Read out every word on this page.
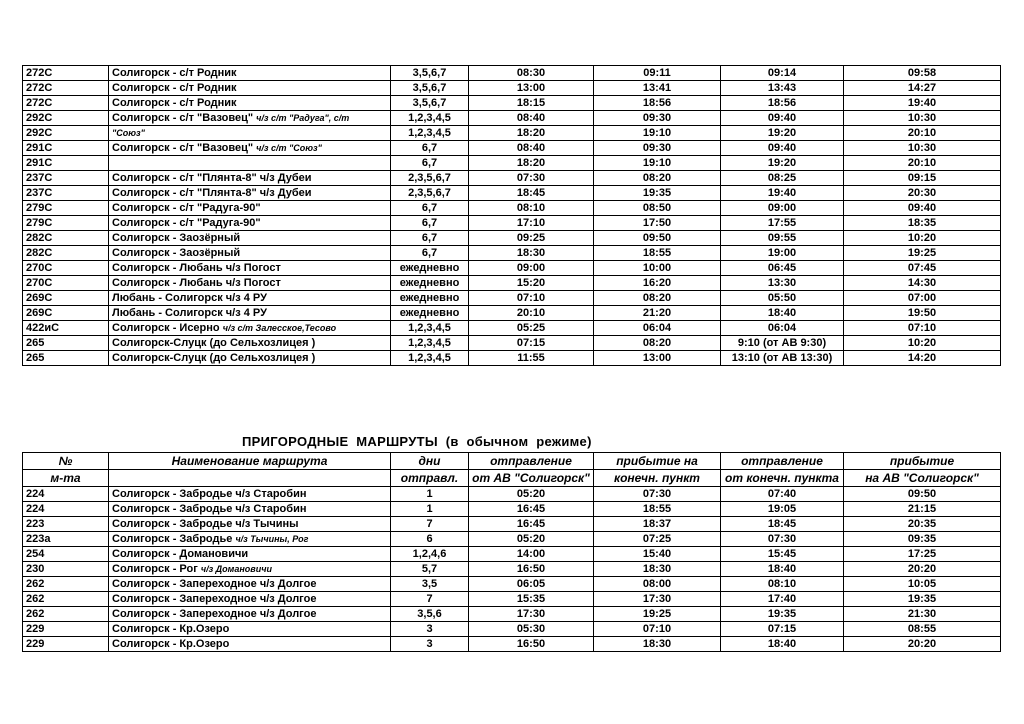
272С	Солигорск - с/т Родник	3,5,6,7	08:30	09:11	09:14	09:58
272С	Солигорск - с/т Родник	3,5,6,7	13:00	13:41	13:43	14:27
272С	Солигорск - с/т Родник	3,5,6,7	18:15	18:56	18:56	19:40
292С	Солигорск - с/т "Вазовец" ч/з с/т "Радуга", с/т	1,2,3,4,5	08:40	09:30	09:40	10:30
292С	"Союз"	1,2,3,4,5	18:20	19:10	19:20	20:10
291С	Солигорск - с/т "Вазовец" ч/з с/т "Союз"	6,7	08:40	09:30	09:40	10:30
291С		6,7	18:20	19:10	19:20	20:10
237С	Солигорск - с/т "Плянта-8" ч/з Дубеи	2,3,5,6,7	07:30	08:20	08:25	09:15
237С	Солигорск - с/т "Плянта-8" ч/з Дубеи	2,3,5,6,7	18:45	19:35	19:40	20:30
279С	Солигорск - с/т "Радуга-90"	6,7	08:10	08:50	09:00	09:40
279С	Солигорск - с/т "Радуга-90"	6,7	17:10	17:50	17:55	18:35
282С	Солигорск - Заозёрный	6,7	09:25	09:50	09:55	10:20
282С	Солигорск - Заозёрный	6,7	18:30	18:55	19:00	19:25
270С	Солигорск - Любань ч/з Погост	ежедневно	09:00	10:00	06:45	07:45
270С	Солигорск - Любань ч/з Погост	ежедневно	15:20	16:20	13:30	14:30
269С	Любань - Солигорск ч/з 4 РУ	ежедневно	07:10	08:20	05:50	07:00
269С	Любань - Солигорск ч/з 4 РУ	ежедневно	20:10	21:20	18:40	19:50
422иС	Солигорск - Исерно ч/з с/т Залесское,Тесово	1,2,3,4,5	05:25	06:04	06:04	07:10
265	Солигорск-Слуцк (до Сельхозлицея )	1,2,3,4,5	07:15	08:20	9:10 (от АВ 9:30)	10:20
265	Солигорск-Слуцк (до Сельхозлицея )	1,2,3,4,5	11:55	13:00	13:10 (от АВ 13:30)	14:20
ПРИГОРОДНЫЕ  МАРШРУТЫ  (в  обычном  режиме)
№	Наименование маршрута	дни	отправление	прибытие на	отправление	прибытие
м-та		отправл.	от АВ "Солигорск"	конечн. пункт	от конечн. пункта	на АВ "Солигорск"
224	Солигорск - Забродье ч/з Старобин	1	05:20	07:30	07:40	09:50
224	Солигорск - Забродье ч/з Старобин	1	16:45	18:55	19:05	21:15
223	Солигорск - Забродье ч/з Тычины	7	16:45	18:37	18:45	20:35
223а	Солигорск - Забродье ч/з Тычины, Рог	6	05:20	07:25	07:30	09:35
254	Солигорск - Домановичи	1,2,4,6	14:00	15:40	15:45	17:25
230	Солигорск - Рог ч/з Домановичи	5,7	16:50	18:30	18:40	20:20
262	Солигорск - Запереходное ч/з Долгое	3,5	06:05	08:00	08:10	10:05
262	Солигорск - Запереходное ч/з Долгое	7	15:35	17:30	17:40	19:35
262	Солигорск - Запереходное ч/з Долгое	3,5,6	17:30	19:25	19:35	21:30
229	Солигорск - Кр.Озеро	3	05:30	07:10	07:15	08:55
229	Солигорск - Кр.Озеро	3	16:50	18:30	18:40	20:20
